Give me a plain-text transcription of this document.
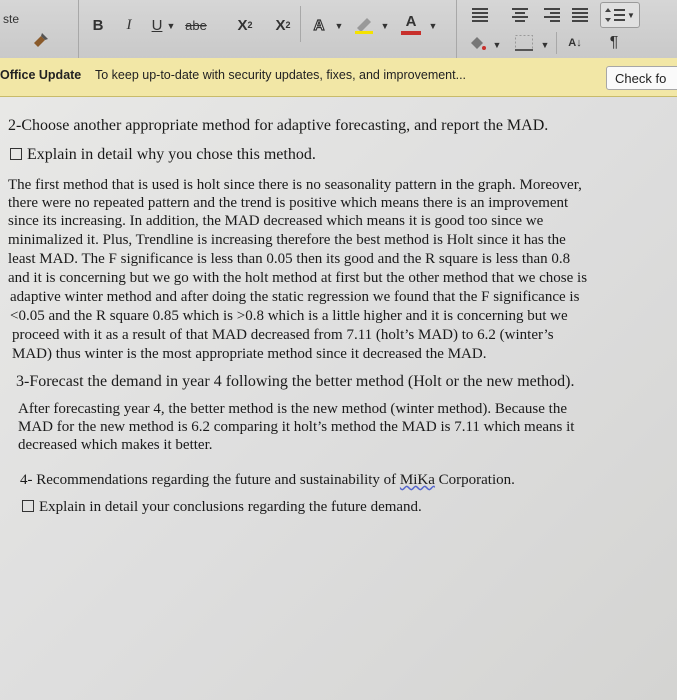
ste	B	I	U ▼ abe	X 2 X 2 A ▼	▼ A ▼
▼
▼	▼	A↓	¶
Office Update To keep up-to-date with security updates, fixes, and improvement...	Check fo

2-Choose another appropriate method for adaptive forecasting, and report the MAD.

Explain in detail why you chose this method.

The first method that is used is holt since there is no seasonality pattern in the graph. Moreover,

there were no repeated pattern and the trend is positive which means there is an improvement

since its increasing. In addition, the MAD decreased which means it is good too since we

minimalized it. Plus, Trendline is increasing therefore the best method is Holt since it has the

least MAD. The F significance is less than 0.05 then its good and the R square is less than 0.8

and it is concerning but we go with the holt method at first but the other method that we chose is

adaptive winter method and after doing the static regression we found that the F significance is

<0.05 and the R square 0.85 which is >0.8 which is a little higher and it is concerning but we

proceed with it as a result of that MAD decreased from 7.11 (holt’s MAD) to 6.2 (winter’s

MAD) thus winter is the most appropriate method since it decreased the MAD.

3-Forecast the demand in year 4 following the better method (Holt or the new method).

After forecasting year 4, the better method is the new method (winter method). Because the

MAD for the new method is 6.2 comparing it holt’s method the MAD is 7.11 which means it

decreased which makes it better.

4- Recommendations regarding the future and sustainability of MiKa Corporation.

Explain in detail your conclusions regarding the future demand.
